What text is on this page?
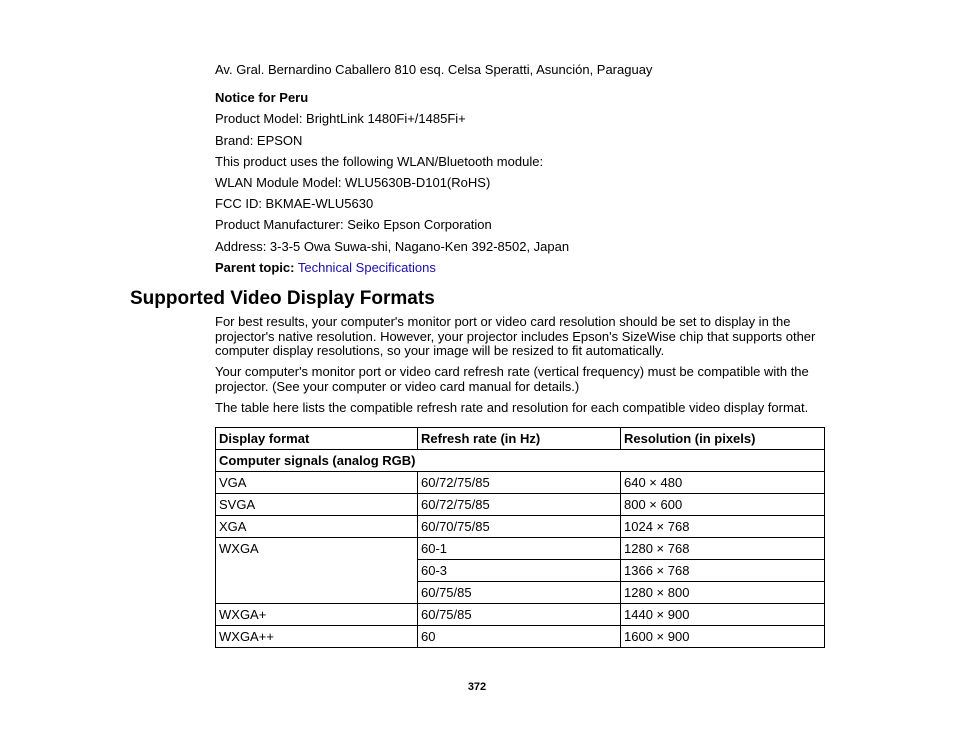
Av. Gral. Bernardino Caballero 810 esq. Celsa Speratti, Asunción, Paraguay
Notice for Peru
Product Model: BrightLink 1480Fi+/1485Fi+
Brand: EPSON
This product uses the following WLAN/Bluetooth module:
WLAN Module Model: WLU5630B-D101(RoHS)
FCC ID: BKMAE-WLU5630
Product Manufacturer: Seiko Epson Corporation
Address: 3-3-5 Owa Suwa-shi, Nagano-Ken 392-8502, Japan
Parent topic: Technical Specifications
Supported Video Display Formats
For best results, your computer's monitor port or video card resolution should be set to display in the projector's native resolution. However, your projector includes Epson's SizeWise chip that supports other computer display resolutions, so your image will be resized to fit automatically.
Your computer's monitor port or video card refresh rate (vertical frequency) must be compatible with the projector. (See your computer or video card manual for details.)
The table here lists the compatible refresh rate and resolution for each compatible video display format.
Display format	Refresh rate (in Hz)	Resolution (in pixels)
Computer signals (analog RGB)		
VGA	60/72/75/85	640 × 480
SVGA	60/72/75/85	800 × 600
XGA	60/70/75/85	1024 × 768
WXGA	60-1	1280 × 768
	60-3	1366 × 768
	60/75/85	1280 × 800
WXGA+	60/75/85	1440 × 900
WXGA++	60	1600 × 900
372
